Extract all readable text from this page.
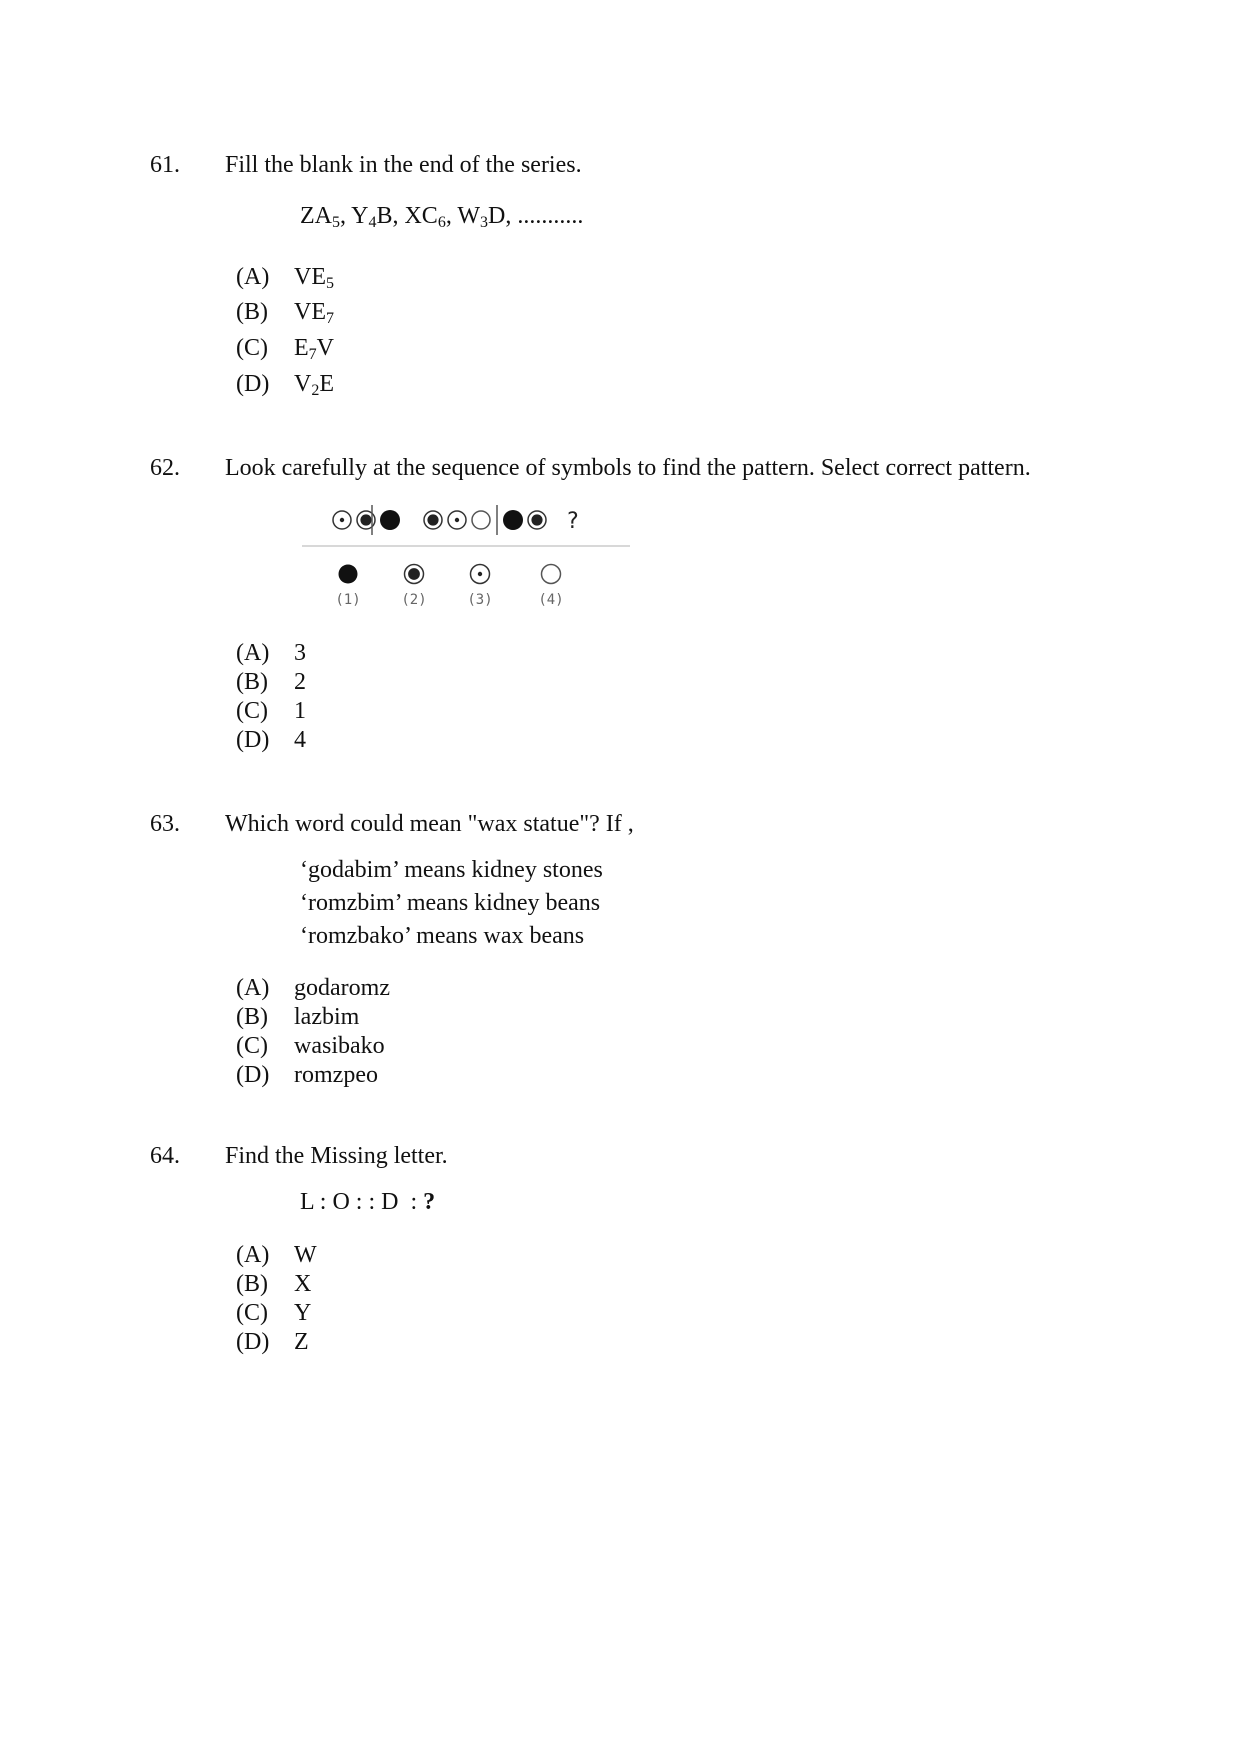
61. Fill the blank in the end of the series.
$ZA_5$, $Y_4B$, $XC_6$, $W_3D$, ...........
(A) $VE_5$
(B) $VE_7$
(C) $E_7V$
(D) $V_2E$
62. Look carefully at the sequence of symbols to find the pattern. Select correct pattern.
?
(1)	(2)	(3)	(4)
(A) 3
(B) 2
(C) 1
(D) 4
63. Which word could mean "wax statue"? If ,
‘godabim’ means kidney stones
‘romzbim’ means kidney beans
‘romzbako’ means wax beans
(A) godaromz
(B) lazbim
(C) wasibako
(D) romzpeo
64. Find the Missing letter.
L : O : : D  : ?
(A) W
(B) X
(C) Y
(D) Z
